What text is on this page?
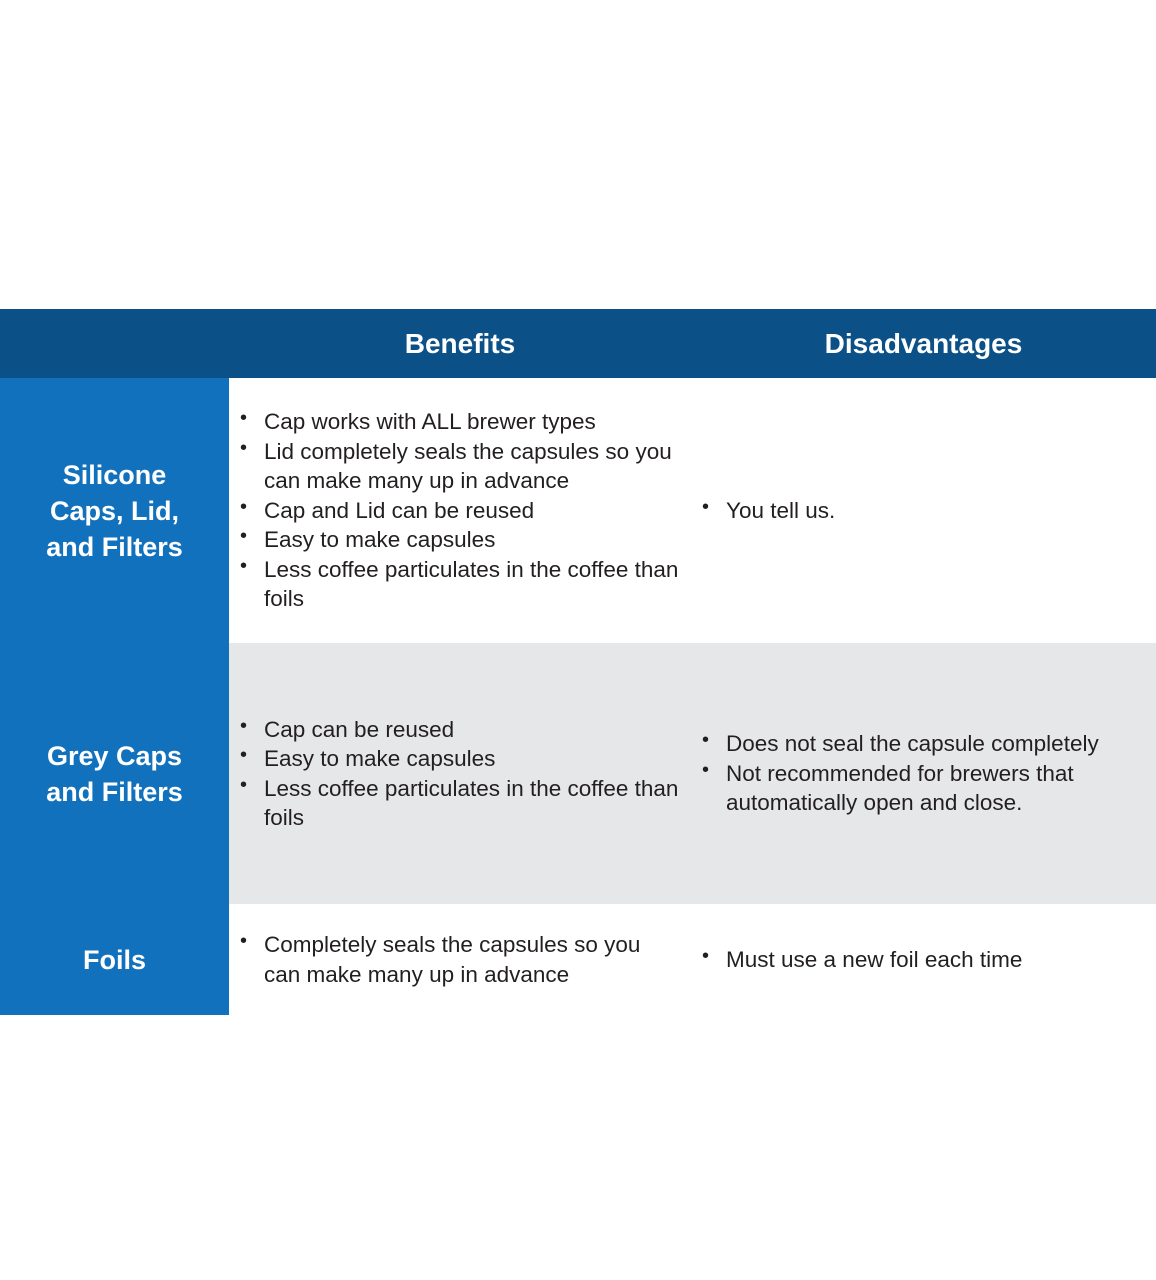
Benefits	Disadvantages
Silicone
Caps, Lid,
and Filters
• Cap works with ALL brewer types
• Lid completely seals the capsules so you can make many up in advance
• Cap and Lid can be reused
• Easy to make capsules
• Less coffee particulates in the coffee than foils
• You tell us.
Grey Caps
and Filters
• Cap can be reused
• Easy to make capsules
• Less coffee particulates in the coffee than foils
• Does not seal the capsule completely
• Not recommended for brewers that automatically open and close.
Foils
•	Completely seals the capsules so you can make many up in advance
• Must use a new foil each time
